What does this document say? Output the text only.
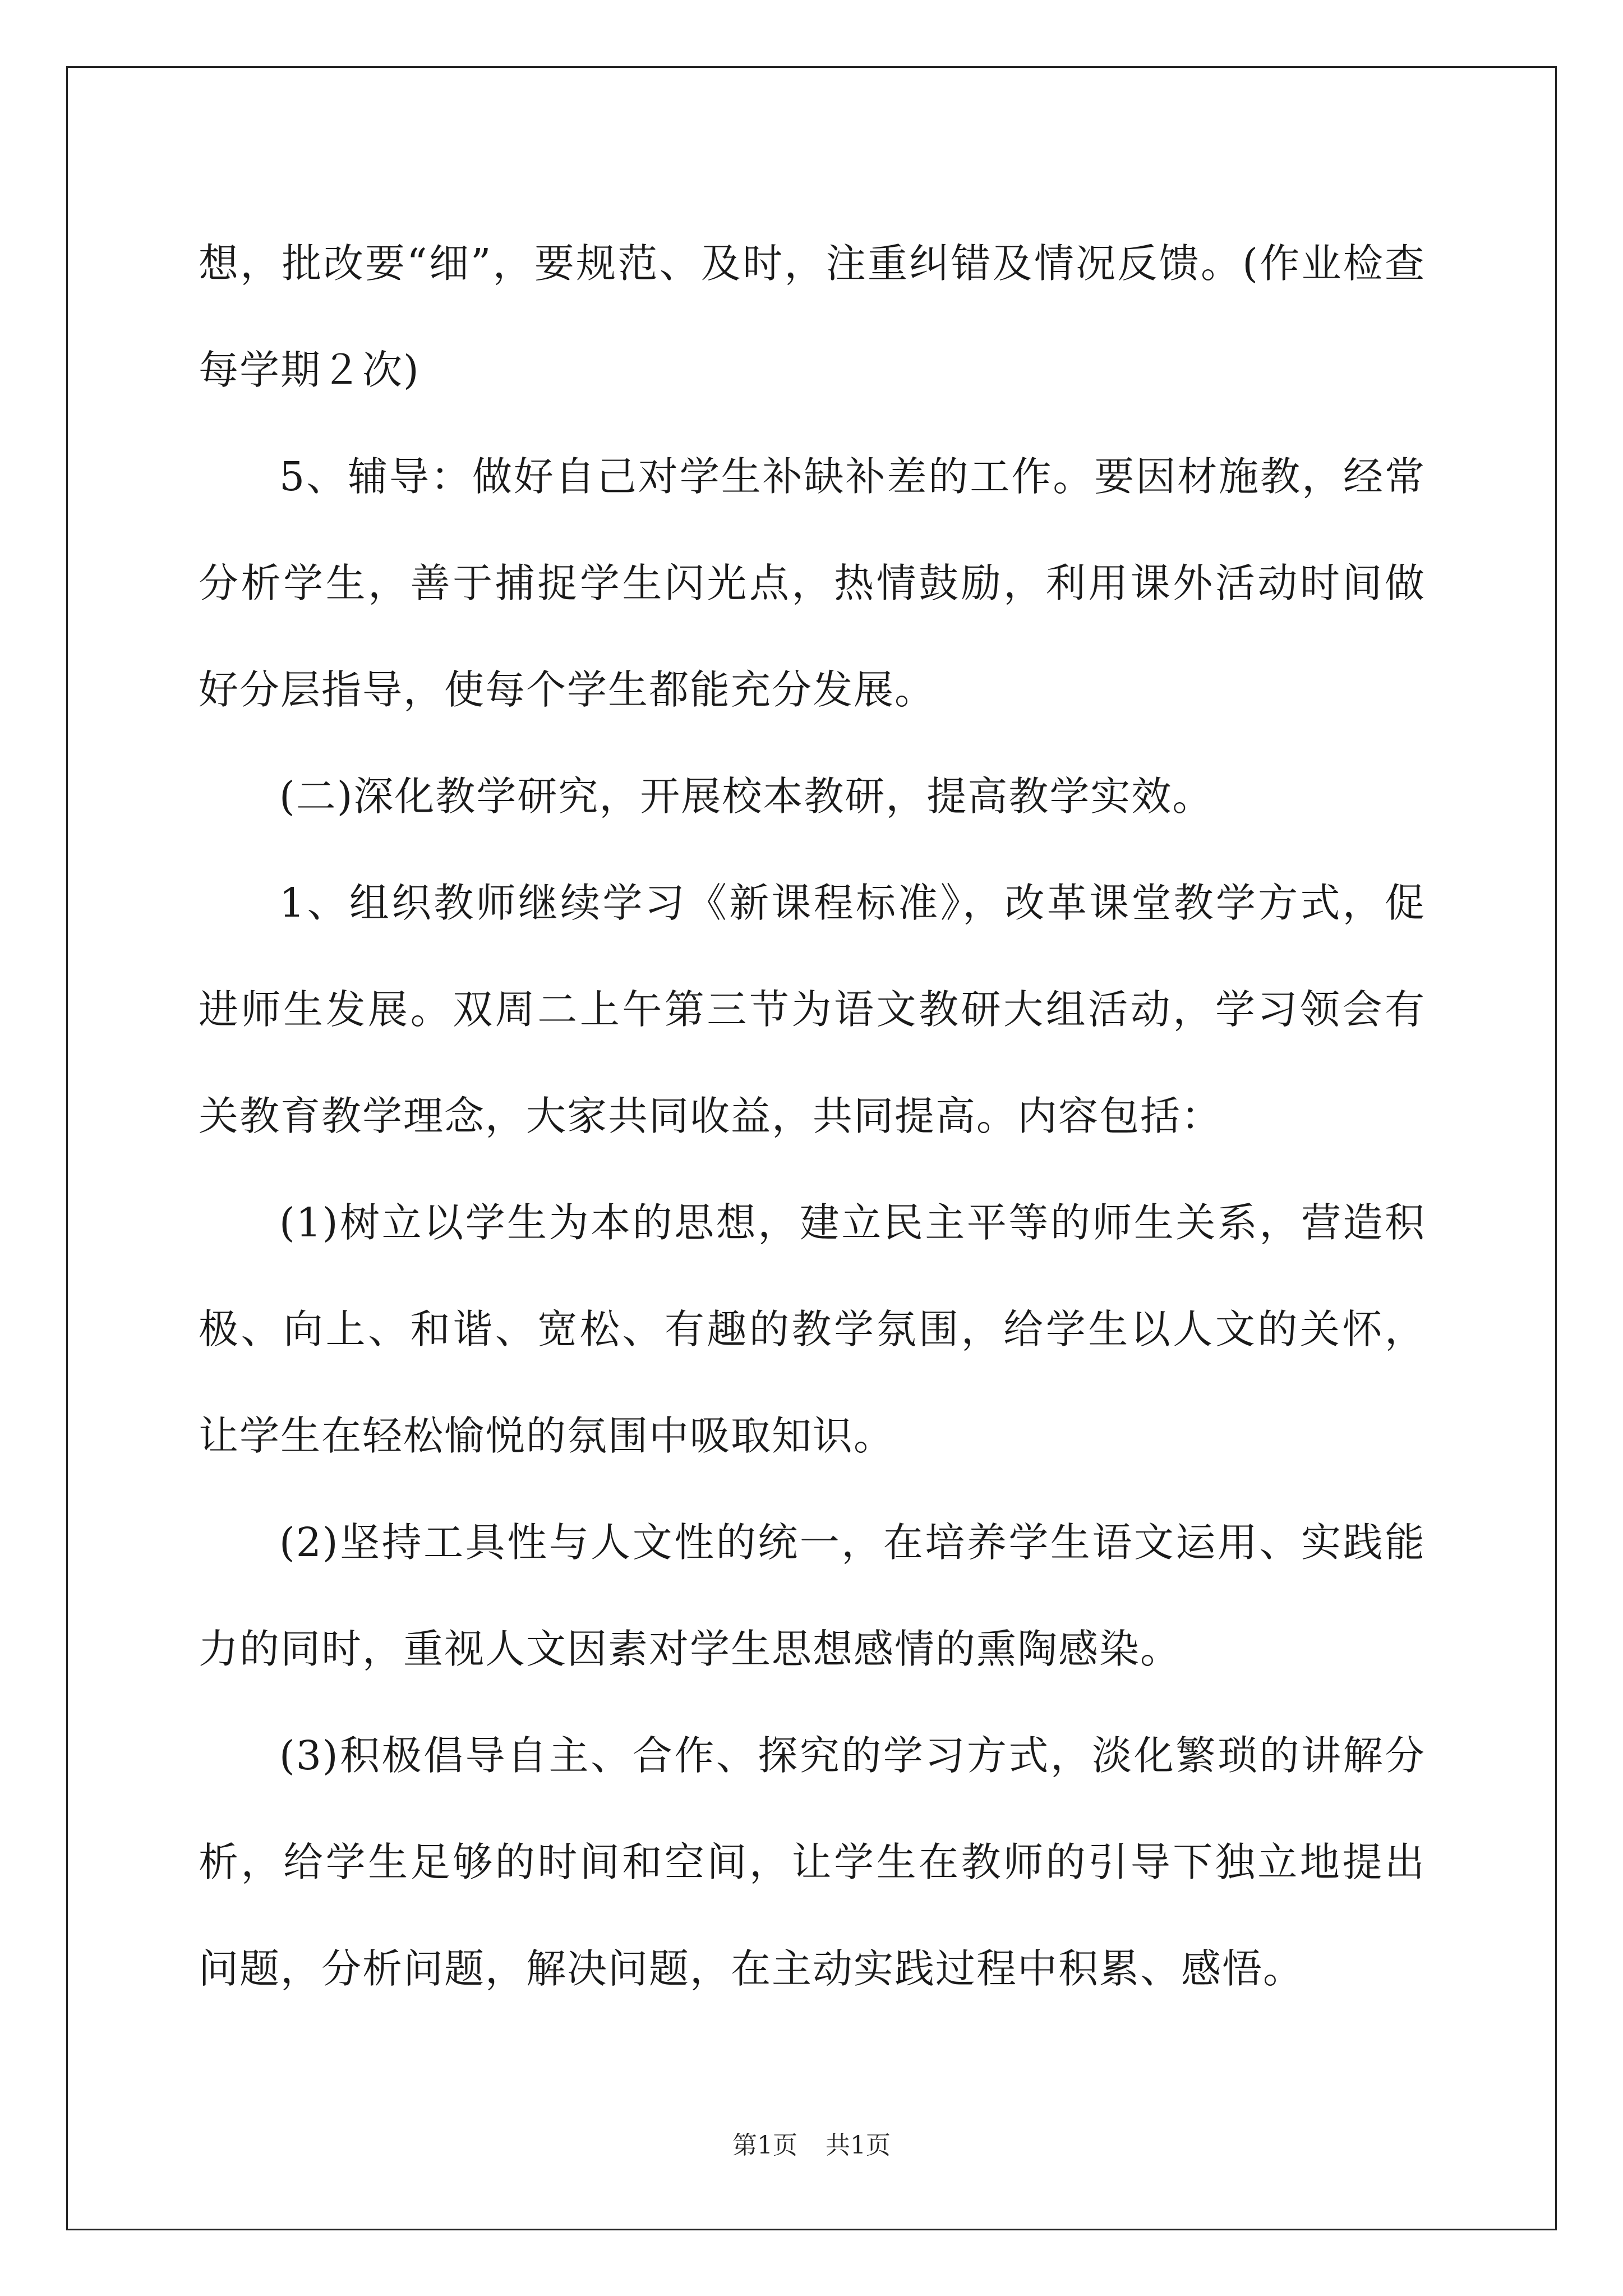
想，批改要“细”，要规范、及时，注重纠错及情况反馈。(作业检查每学期２次)

5、辅导：做好自己对学生补缺补差的工作。要因材施教，经常分析学生，善于捕捉学生闪光点，热情鼓励，利用课外活动时间做好分层指导，使每个学生都能充分发展。

(二)深化教学研究，开展校本教研，提高教学实效。

1、组织教师继续学习《新课程标准》，改革课堂教学方式，促进师生发展。双周二上午第三节为语文教研大组活动，学习领会有关教育教学理念，大家共同收益，共同提高。内容包括：

(1)树立以学生为本的思想，建立民主平等的师生关系，营造积极、向上、和谐、宽松、有趣的教学氛围，给学生以人文的关怀，让学生在轻松愉悦的氛围中吸取知识。

(2)坚持工具性与人文性的统一，在培养学生语文运用、实践能力的同时，重视人文因素对学生思想感情的熏陶感染。

(3)积极倡导自主、合作、探究的学习方式，淡化繁琐的讲解分析，给学生足够的时间和空间，让学生在教师的引导下独立地提出问题，分析问题，解决问题，在主动实践过程中积累、感悟。

第1页 共1页
